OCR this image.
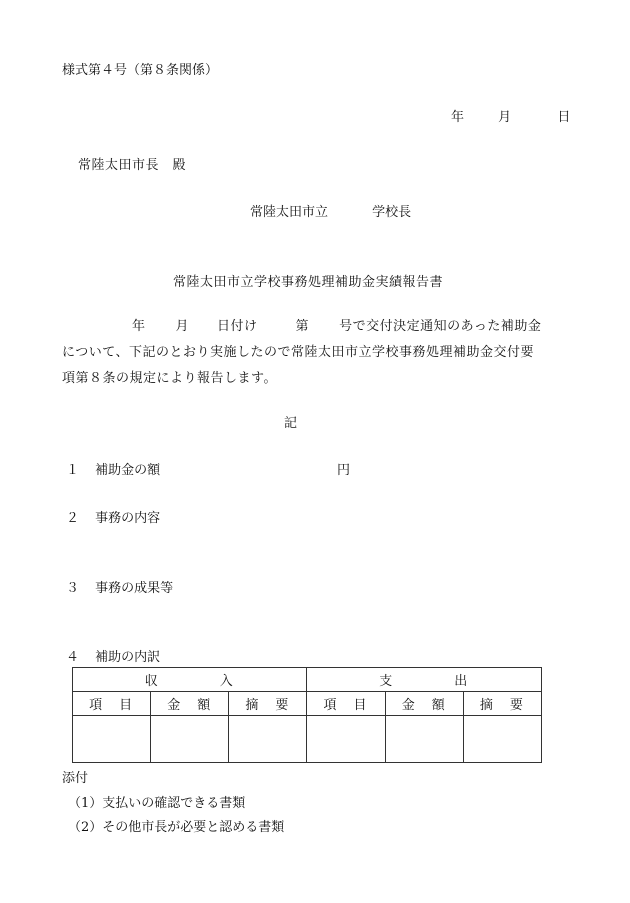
様式第４号（第８条関係）
年	月	日
常陸太田市長　殿
常陸太田市立	学校長
常陸太田市立学校事務処理補助金実績報告書
年 月 日付け	第 号で交付決定通知のあった補助金
について、下記のとおり実施したので常陸太田市立学校事務処理補助金交付要
項第８条の規定により報告します。
記
１ 補助金の額	円
２ 事務の内容
３ 事務の成果等
４ 補助の内訳
収　　　　入			支　　　　出		
項　目	金　額	摘　要	項　目	金　額	摘　要

添付
（1）支払いの確認できる書類
（2）その他市長が必要と認める書類
